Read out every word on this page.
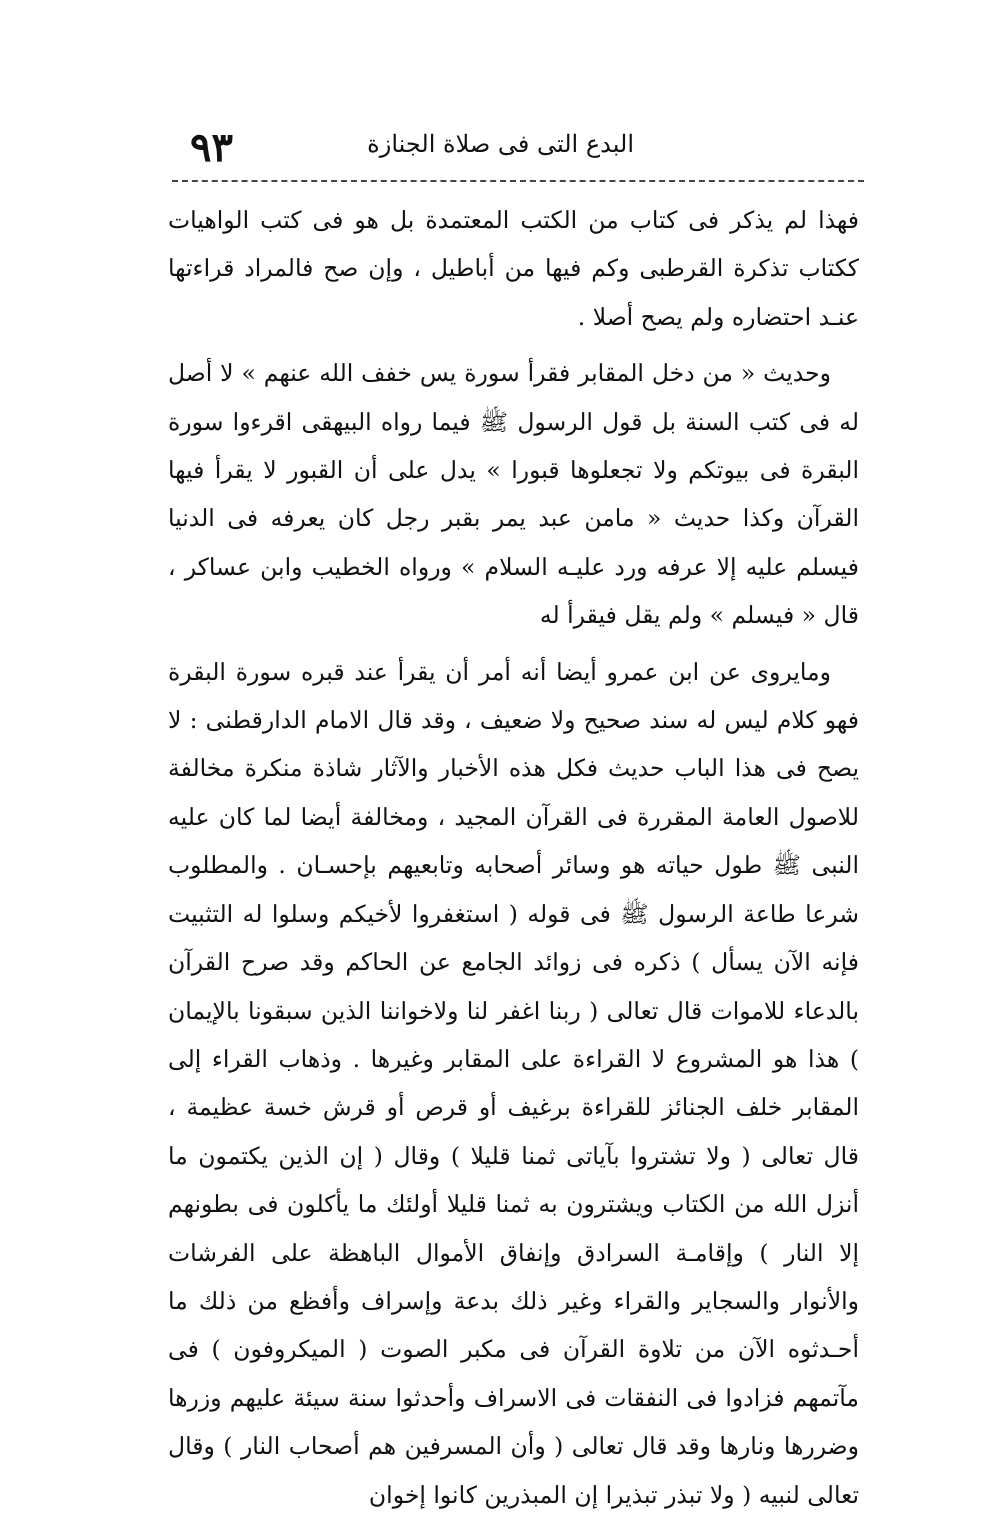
٩٣	البدع التى فى صلاة الجنازة

فهذا لم يذكر فى كتاب من الكتب المعتمدة بل هو فى كتب الواهيات ككتاب تذكرة القرطبى وكم فيها من أباطيل ، وإن صح فالمراد قراءتها عنـد احتضاره ولم يصح أصلا .

وحديث « من دخل المقابر فقرأ سورة يس خفف الله عنهم » لا أصل له فى كتب السنة بل قول الرسول ﷺ فيما رواه البيهقى اقرءوا سورة البقرة فى بيوتكم ولا تجعلوها قبورا » يدل على أن القبور لا يقرأ فيها القرآن وكذا حديث « مامن عبد يمر بقبر رجل كان يعرفه فى الدنيا فيسلم عليه إلا عرفه ورد عليـه السلام » ورواه الخطيب وابن عساكر ، قال « فيسلم » ولم يقل فيقرأ له

ومايروى عن ابن عمرو أيضا أنه أمر أن يقرأ عند قبره سورة البقرة فهو كلام ليس له سند صحيح ولا ضعيف ، وقد قال الامام الدارقطنى : لا يصح فى هذا الباب حديث فكل هذه الأخبار والآثار شاذة منكرة مخالفة للاصول العامة المقررة فى القرآن المجيد ، ومخالفة أيضا لما كان عليه النبى ﷺ طول حياته هو وسائر أصحابه وتابعيهم بإحسـان . والمطلوب شرعا طاعة الرسول ﷺ فى قوله ( استغفروا لأخيكم وسلوا له التثبيت فإنه الآن يسأل ) ذكره فى زوائد الجامع عن الحاكم وقد صرح القرآن بالدعاء للاموات قال تعالى ( ربنا اغفر لنا ولاخواننا الذين سبقونا بالإيمان ) هذا هو المشروع لا القراءة على المقابر وغيرها . وذهاب القراء إلى المقابر خلف الجنائز للقراءة برغيف أو قرص أو قرش خسة عظيمة ، قال تعالى ( ولا تشتروا بآياتى ثمنا قليلا ) وقال ( إن الذين يكتمون ما أنزل الله من الكتاب ويشترون به ثمنا قليلا أولئك ما يأكلون فى بطونهم إلا النار ) وإقامـة السرادق وإنفاق الأموال الباهظة على الفرشات والأنوار والسجاير والقراء وغير ذلك بدعة وإسراف وأفظع من ذلك ما أحـدثوه الآن من تلاوة القرآن فى مكبر الصوت ( الميكروفون ) فى مآتمهم فزادوا فى النفقات فى الاسراف وأحدثوا سنة سيئة عليهم وزرها وضررها ونارها وقد قال تعالى ( وأن المسرفين هم أصحاب النار ) وقال تعالى لنبيه ( ولا تبذر تبذيرا إن المبذرين كانوا إخوان
